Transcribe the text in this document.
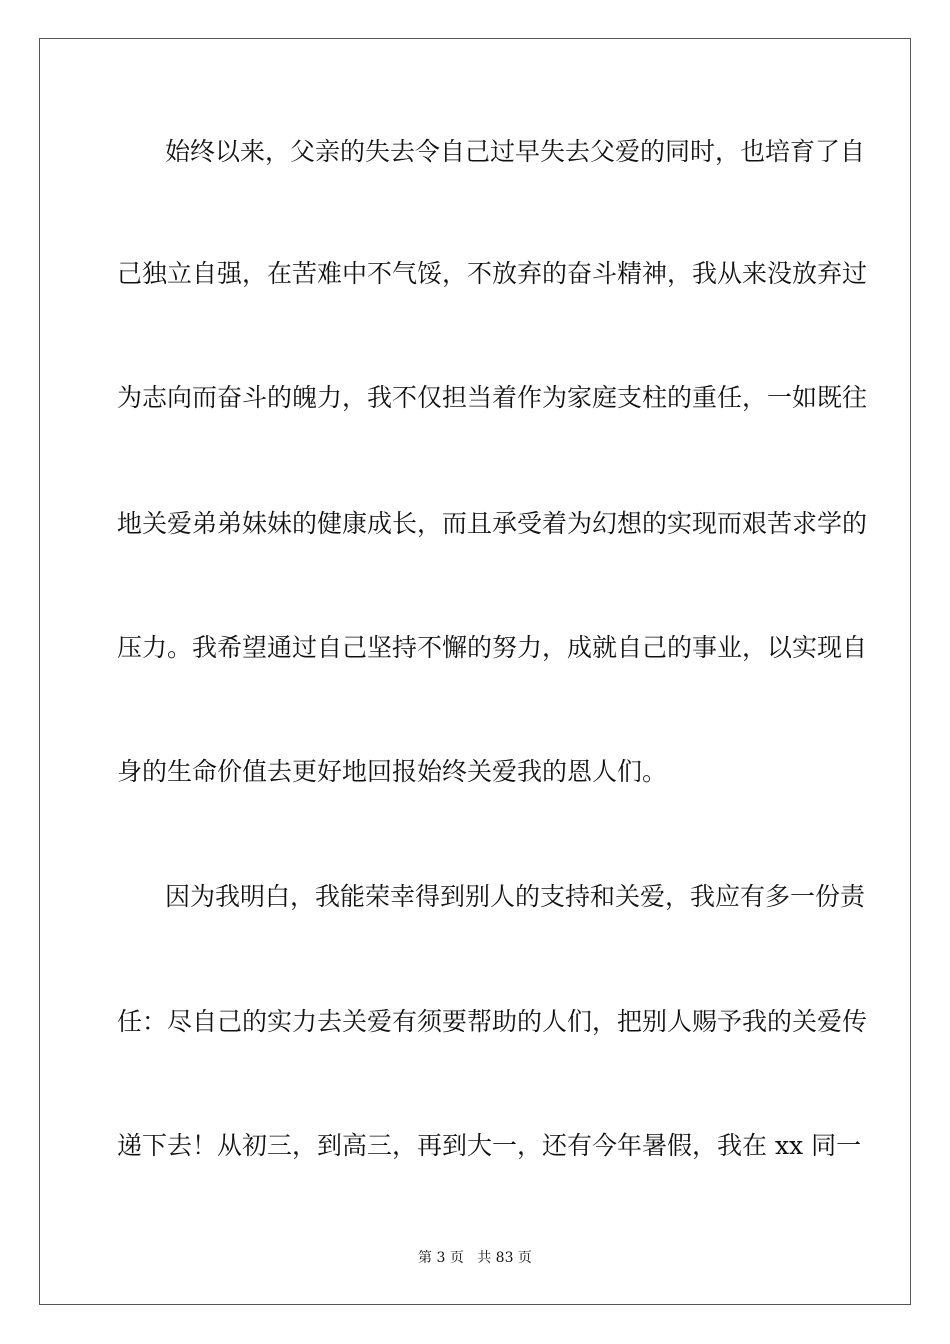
始终以来，父亲的失去令自己过早失去父爱的同时，也培育了自
己独立自强，在苦难中不气馁，不放弃的奋斗精神，我从来没放弃过
为志向而奋斗的魄力，我不仅担当着作为家庭支柱的重任，一如既往
地关爱弟弟妹妹的健康成长，而且承受着为幻想的实现而艰苦求学的
压力。我希望通过自己坚持不懈的努力，成就自己的事业，以实现自
身的生命价值去更好地回报始终关爱我的恩人们。
因为我明白，我能荣幸得到别人的支持和关爱，我应有多一份责
任：尽自己的实力去关爱有须要帮助的人们，把别人赐予我的关爱传
递下去！从初三，到高三，再到大一，还有今年暑假，我在 xx 同一
第 3 页 共 83 页
